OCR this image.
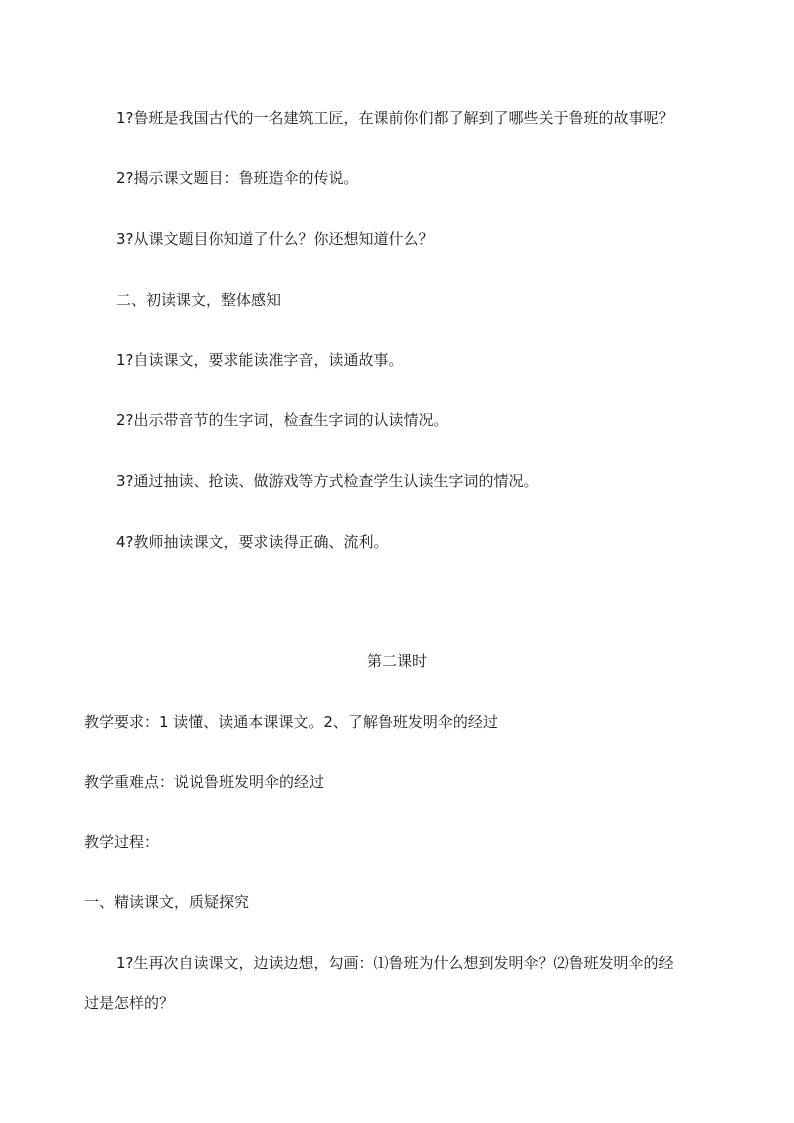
1?鲁班是我国古代的一名建筑工匠，在课前你们都了解到了哪些关于鲁班的故事呢？

2?揭示课文题目：鲁班造伞的传说。

3?从课文题目你知道了什么？你还想知道什么？

二、初读课文，整体感知

1?自读课文，要求能读准字音，读通故事。

2?出示带音节的生字词，检查生字词的认读情况。

3?通过抽读、抢读、做游戏等方式检查学生认读生字词的情况。

4?教师抽读课文，要求读得正确、流利。

第二课时

教学要求：1 读懂、读通本课课文。2、了解鲁班发明伞的经过

教学重难点：说说鲁班发明伞的经过

教学过程：

一、精读课文，质疑探究

1?生再次自读课文，边读边想，勾画：⑴鲁班为什么想到发明伞？⑵鲁班发明伞的经

过是怎样的？
